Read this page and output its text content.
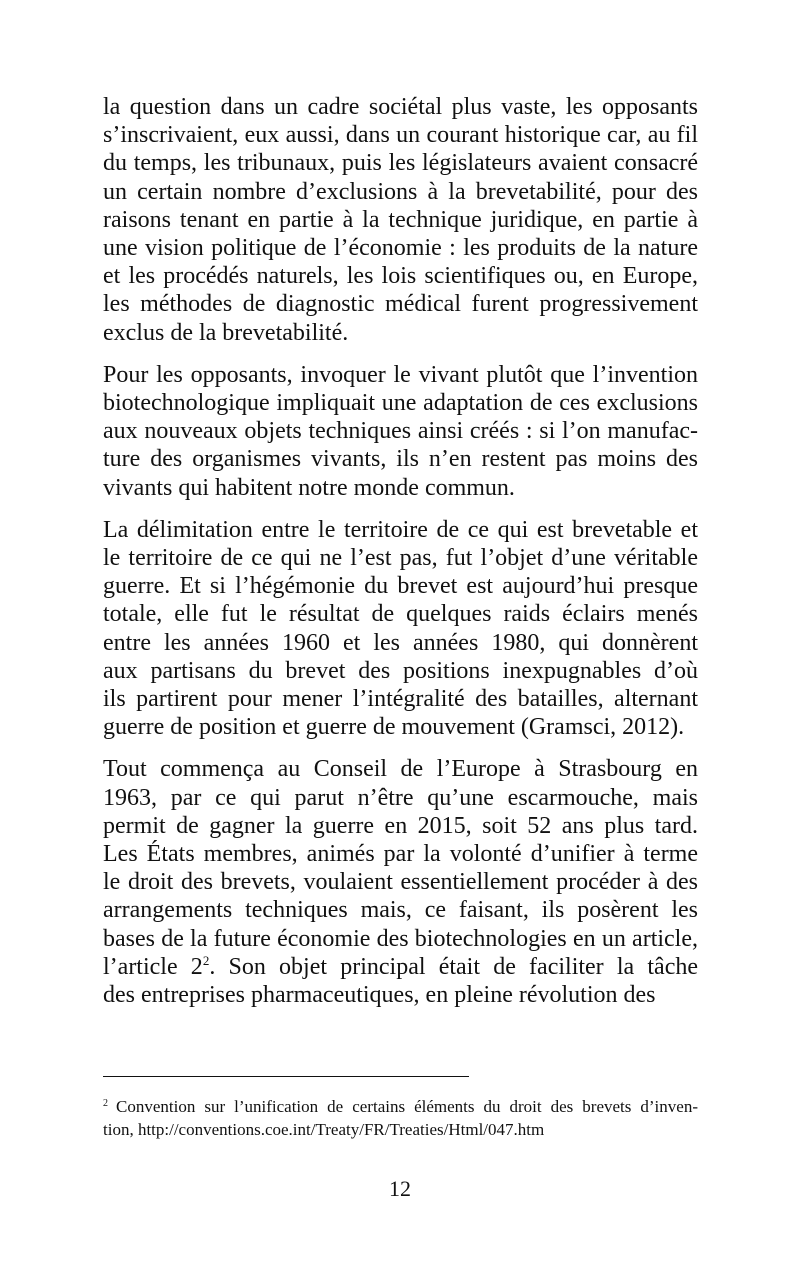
la question dans un cadre sociétal plus vaste, les opposants
s’inscrivaient, eux aussi, dans un courant historique car, au fil
du temps, les tribunaux, puis les législateurs avaient consacré
un certain nombre d’exclusions à la brevetabilité, pour des
raisons tenant en partie à la technique juridique, en partie à
une vision politique de l’économie : les produits de la nature
et les procédés naturels, les lois scientifiques ou, en Europe,
les méthodes de diagnostic médical furent progressivement
exclus de la brevetabilité.
Pour les opposants, invoquer le vivant plutôt que l’invention
biotechnologique impliquait une adaptation de ces exclusions
aux nouveaux objets techniques ainsi créés : si l’on manufac-
ture des organismes vivants, ils n’en restent pas moins des
vivants qui habitent notre monde commun.
La délimitation entre le territoire de ce qui est brevetable et
le territoire de ce qui ne l’est pas, fut l’objet d’une véritable
guerre. Et si l’hégémonie du brevet est aujourd’hui presque
totale, elle fut le résultat de quelques raids éclairs menés
entre les années 1960 et les années 1980, qui donnèrent
aux partisans du brevet des positions inexpugnables d’où
ils partirent pour mener l’intégralité des batailles, alternant
guerre de position et guerre de mouvement (Gramsci, 2012).
Tout commença au Conseil de l’Europe à Strasbourg en
1963, par ce qui parut n’être qu’une escarmouche, mais
permit de gagner la guerre en 2015, soit 52 ans plus tard.
Les États membres, animés par la volonté d’unifier à terme
le droit des brevets, voulaient essentiellement procéder à des
arrangements techniques mais, ce faisant, ils posèrent les
bases de la future économie des biotechnologies en un article,
l’article $2^2$. Son objet principal était de faciliter la tâche
des entreprises pharmaceutiques, en pleine révolution des
$^2$ Convention sur l’unification de certains éléments du droit des brevets d’inven-
tion, http://conventions.coe.int/Treaty/FR/Treaties/Html/047.htm
12
